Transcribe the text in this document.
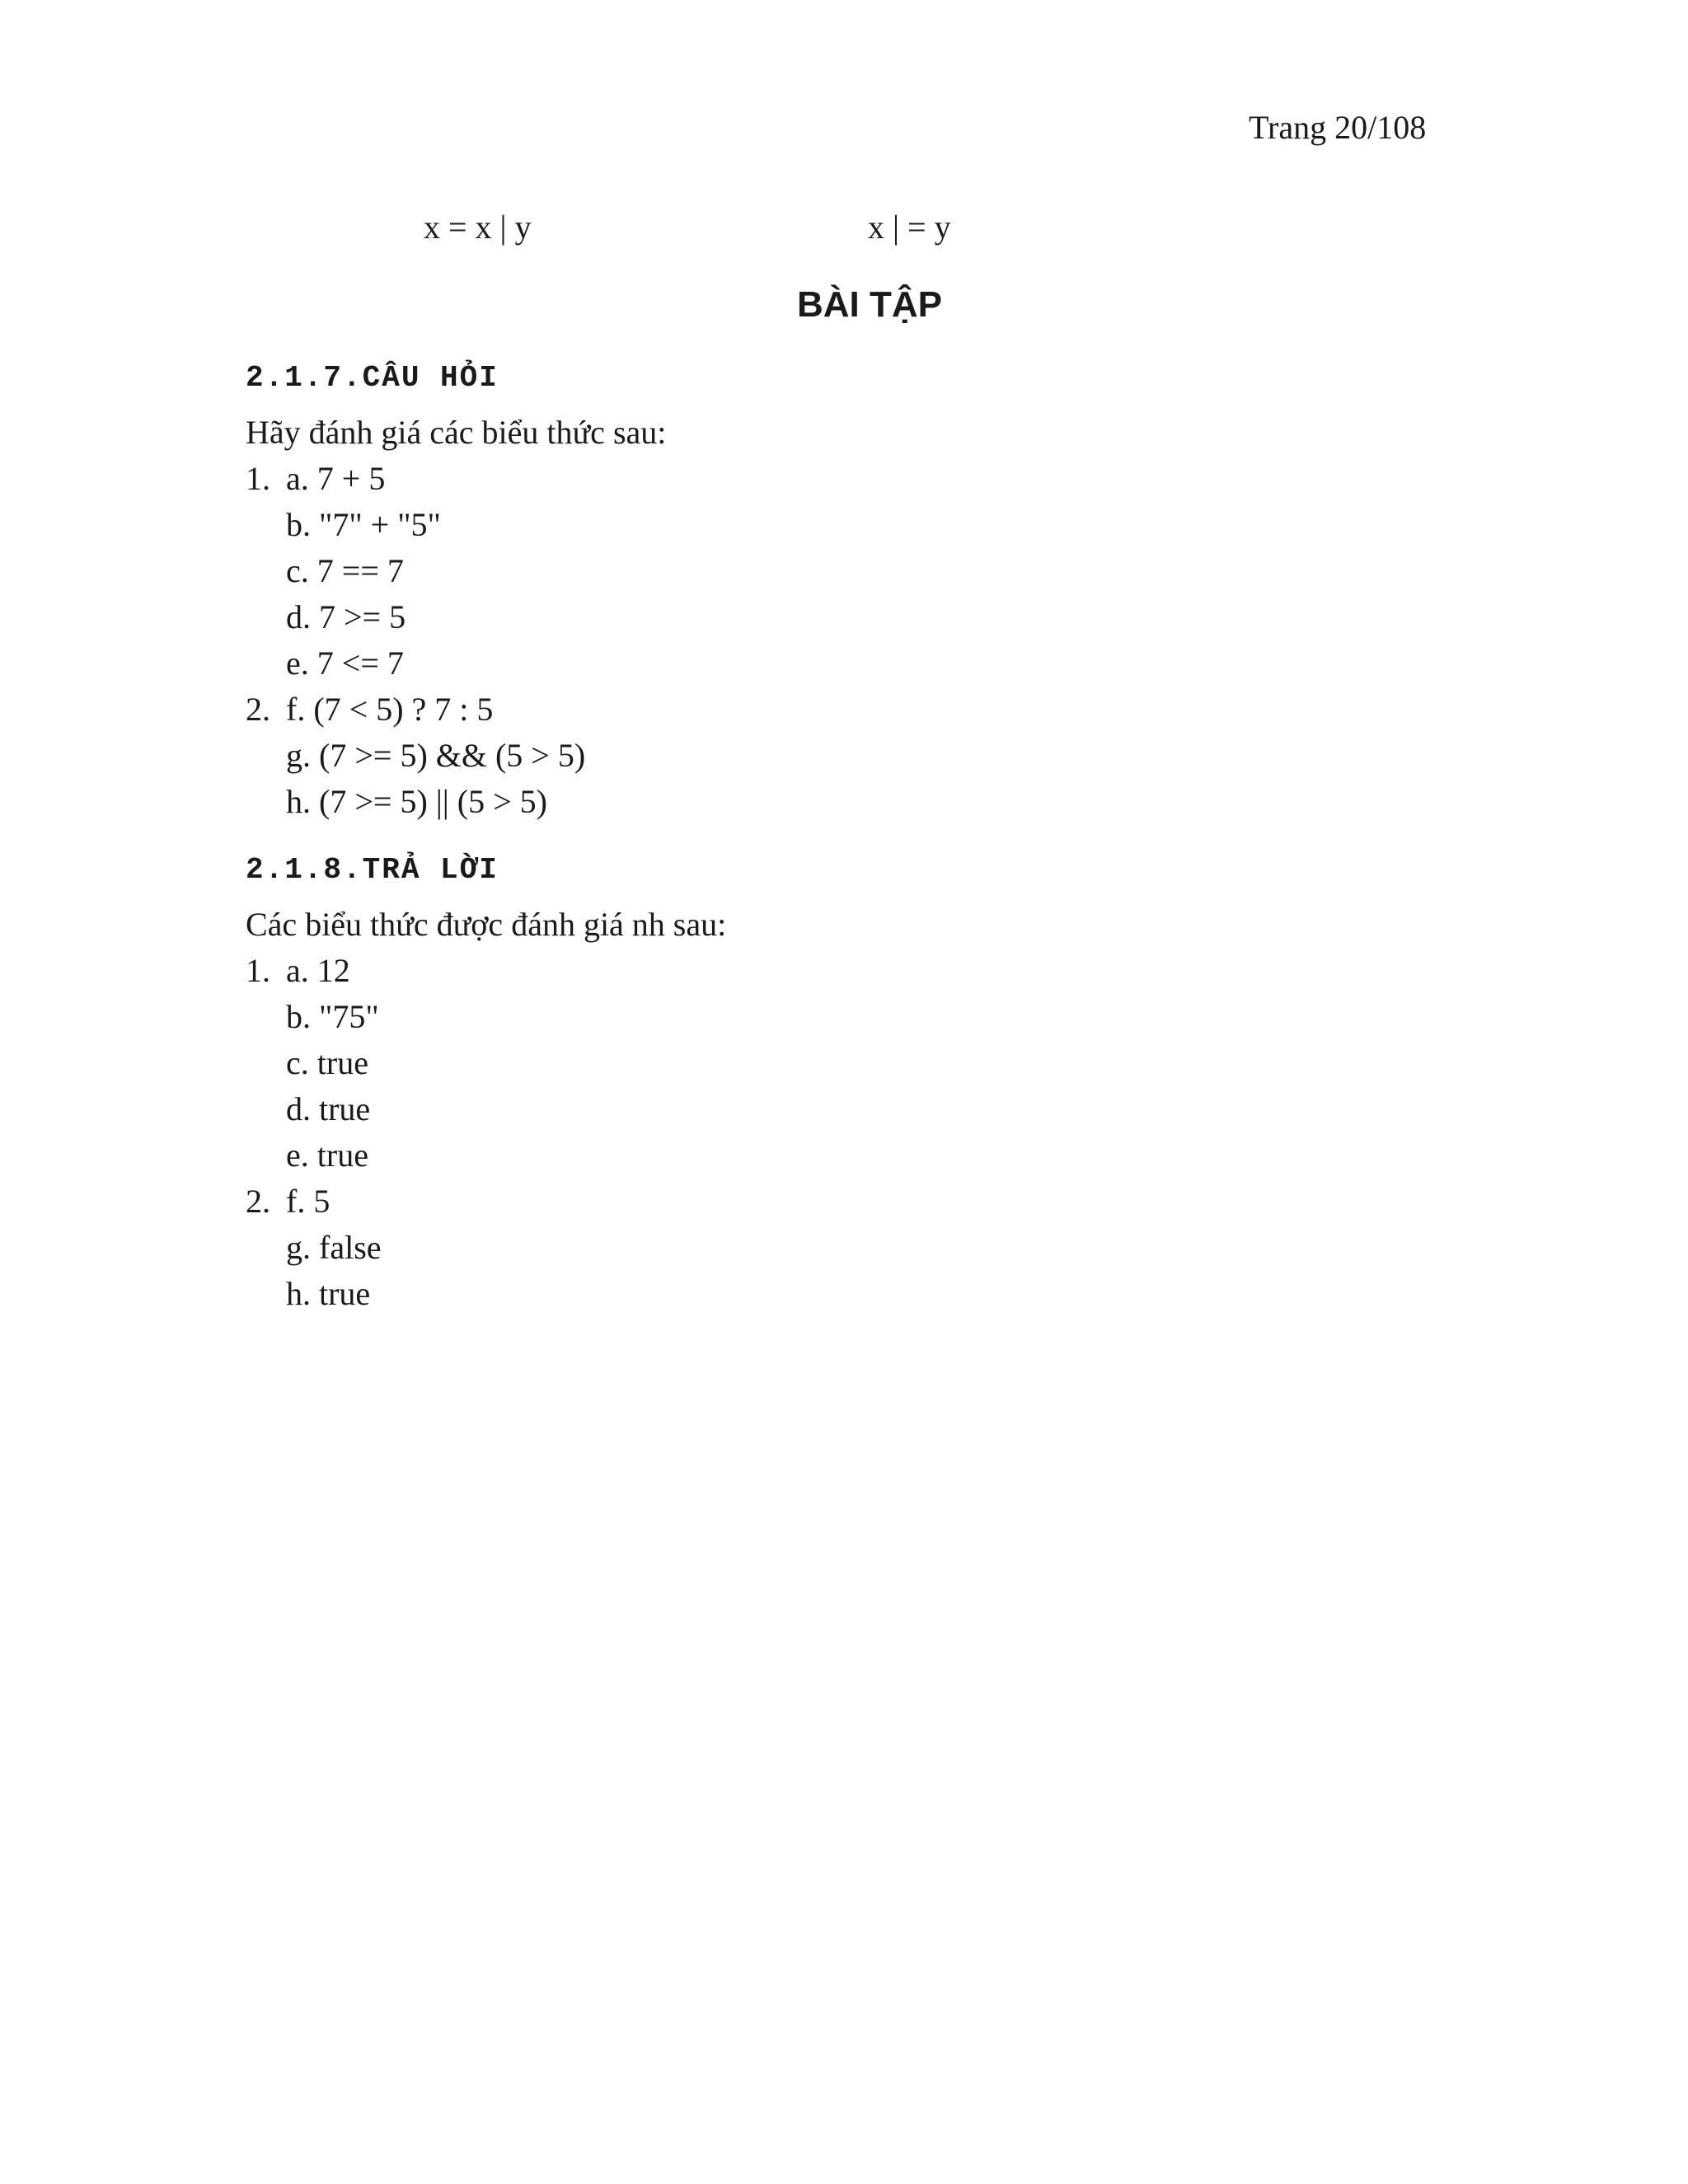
Trang 20/108
x = x | y	x | = y
BÀI TẬP
2.1.7.CÂU HỎI
Hãy đánh giá các biểu thức sau:
1. a. 7 + 5
b. "7" + "5"
c. 7 == 7
d. 7 >= 5
e. 7 <= 7
2. f. (7 < 5) ? 7 : 5
g. (7 >= 5) && (5 > 5)
h. (7 >= 5) || (5 > 5)
2.1.8.TRẢ LỜI
Các biểu thức được đánh giá nh sau:
1. a. 12
b. "75"
c. true
d. true
e. true
2. f. 5
g. false
h. true
